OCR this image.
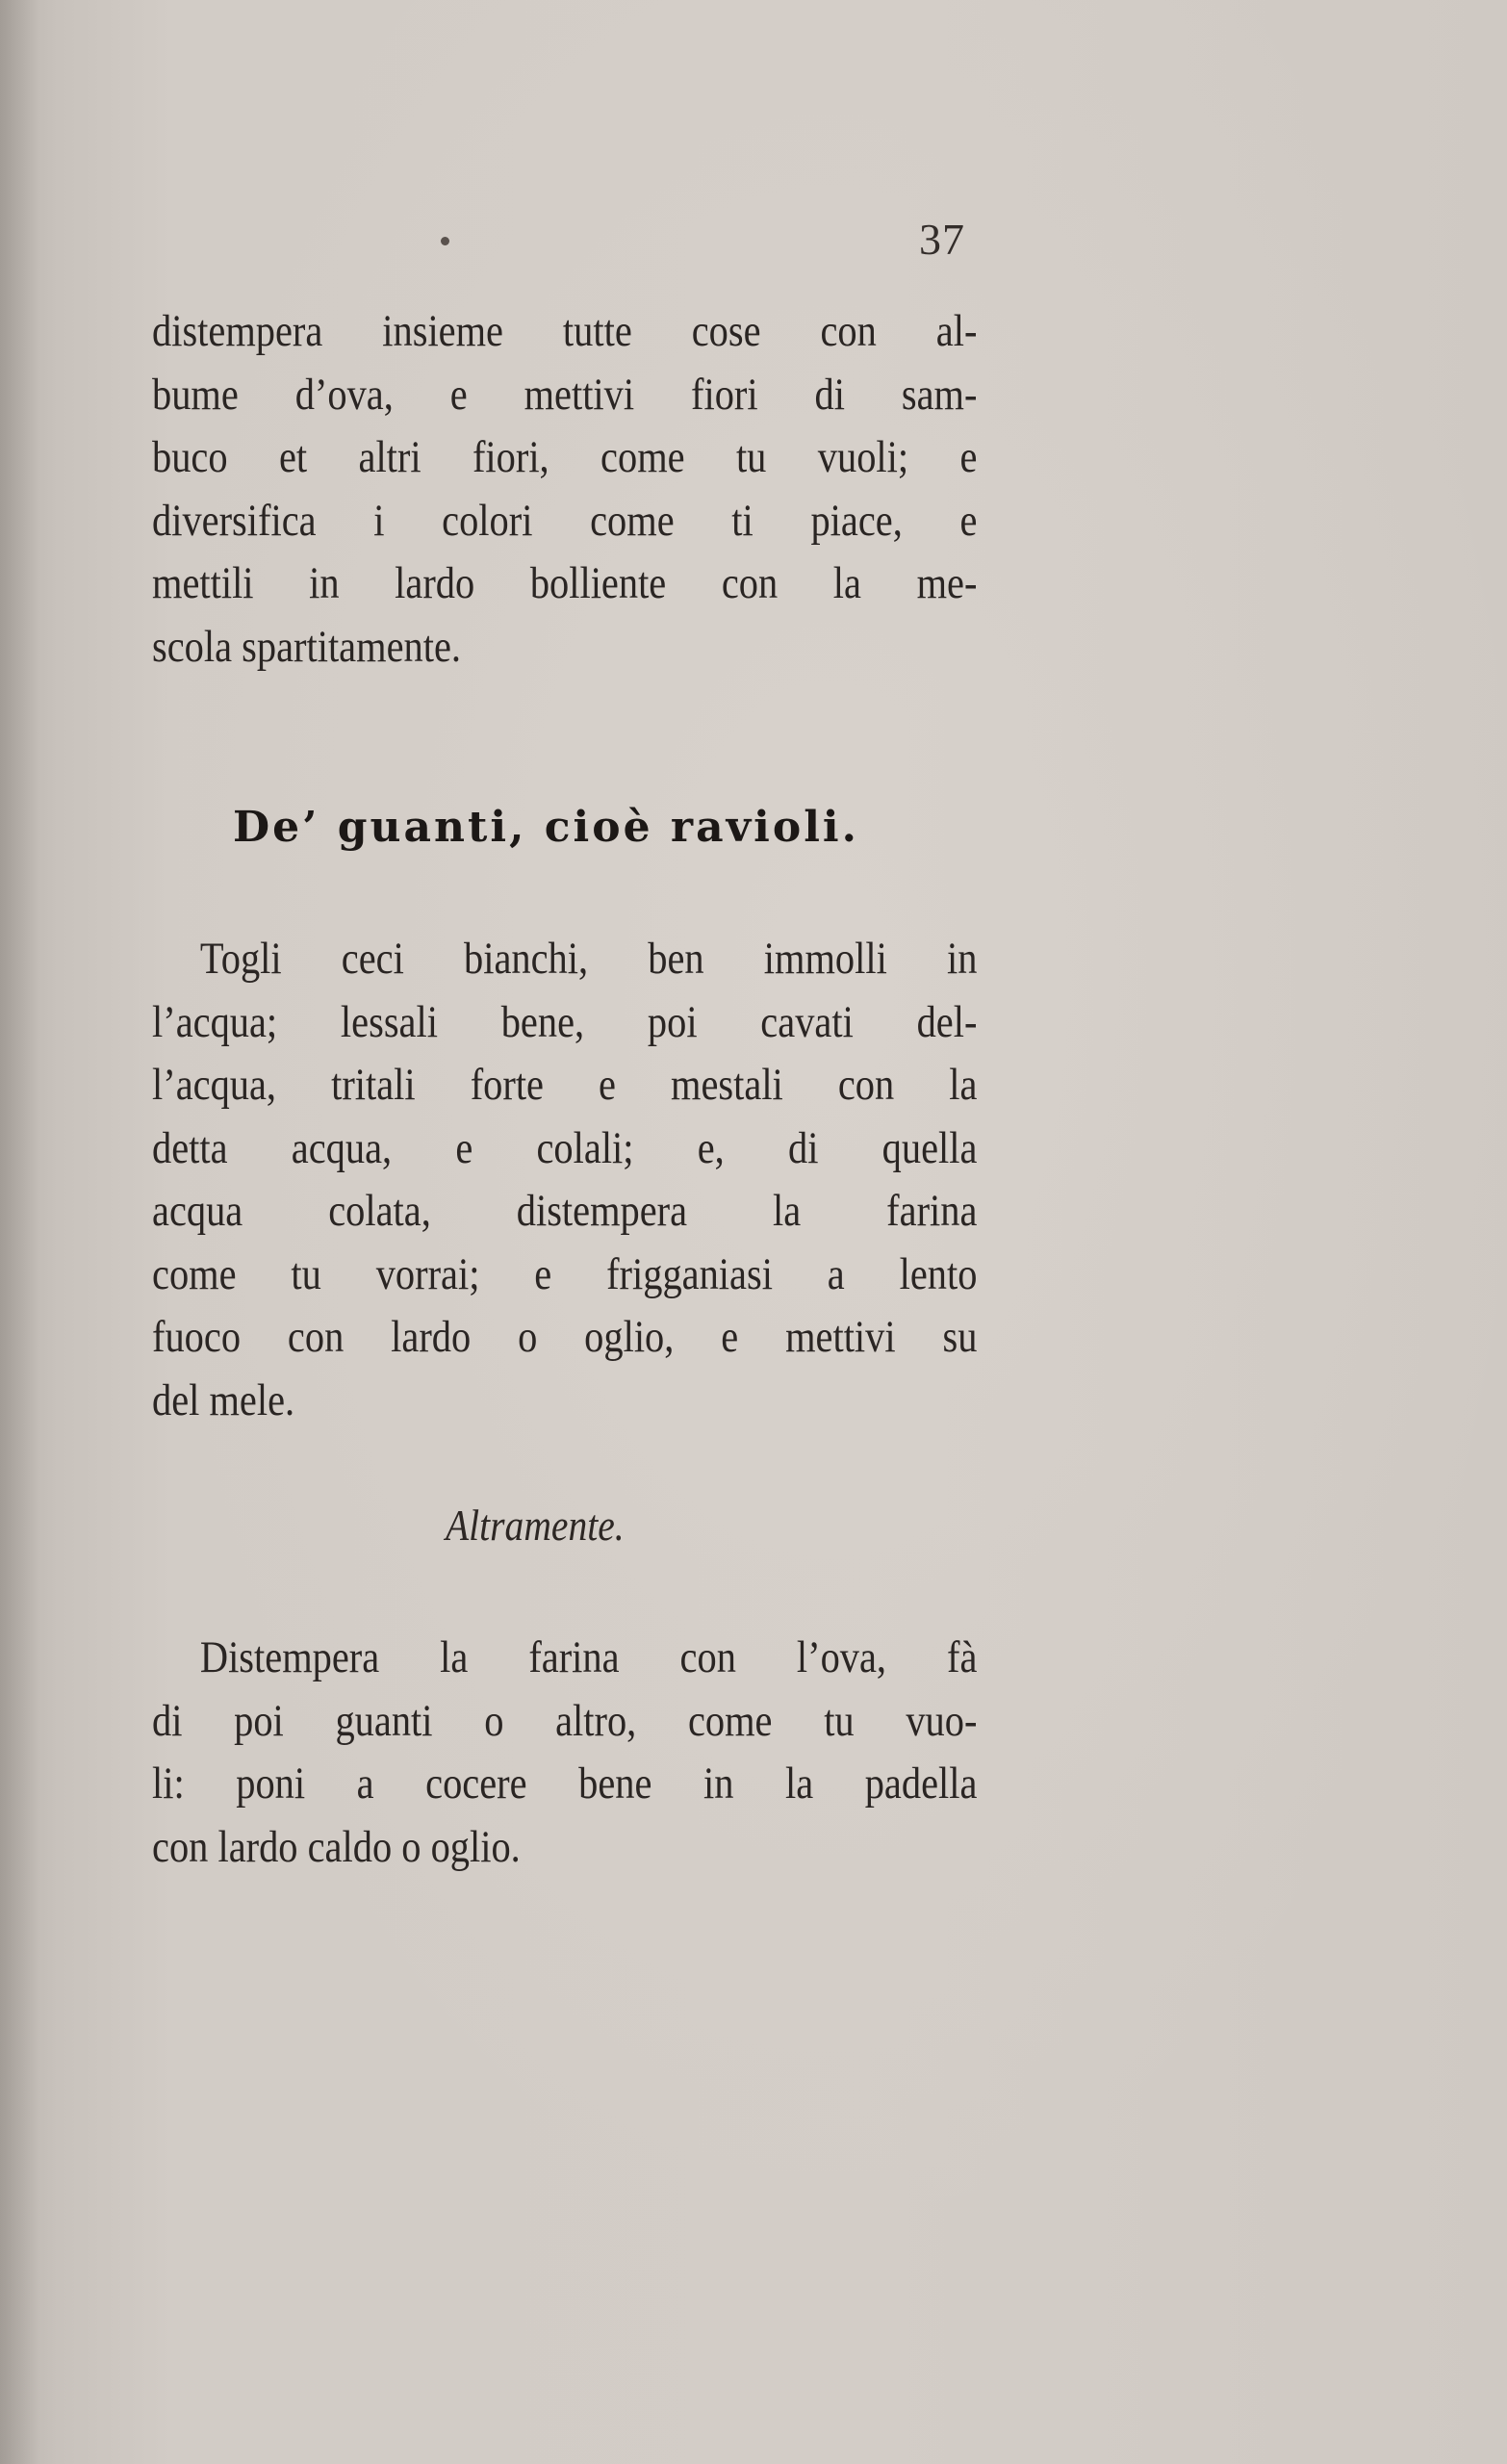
37
distempera insieme tutte cose con al-
bume d’ova, e mettivi fiori di sam-
buco et altri fiori, come tu vuoli; e
diversifica i colori come ti piace, e
mettili in lardo bolliente con la me-
scola spartitamente.
De’ guanti, cioè ravioli.
Togli ceci bianchi, ben immolli in
l’acqua; lessali bene, poi cavati del-
l’acqua, tritali forte e mestali con la
detta acqua, e colali; e, di quella
acqua colata, distempera la farina
come tu vorrai; e frigganiasi a lento
fuoco con lardo o oglio, e mettivi su
del mele.
Altramente.
Distempera la farina con l’ova, fà
di poi guanti o altro, come tu vuo-
li: poni a cocere bene in la padella
con lardo caldo o oglio.
